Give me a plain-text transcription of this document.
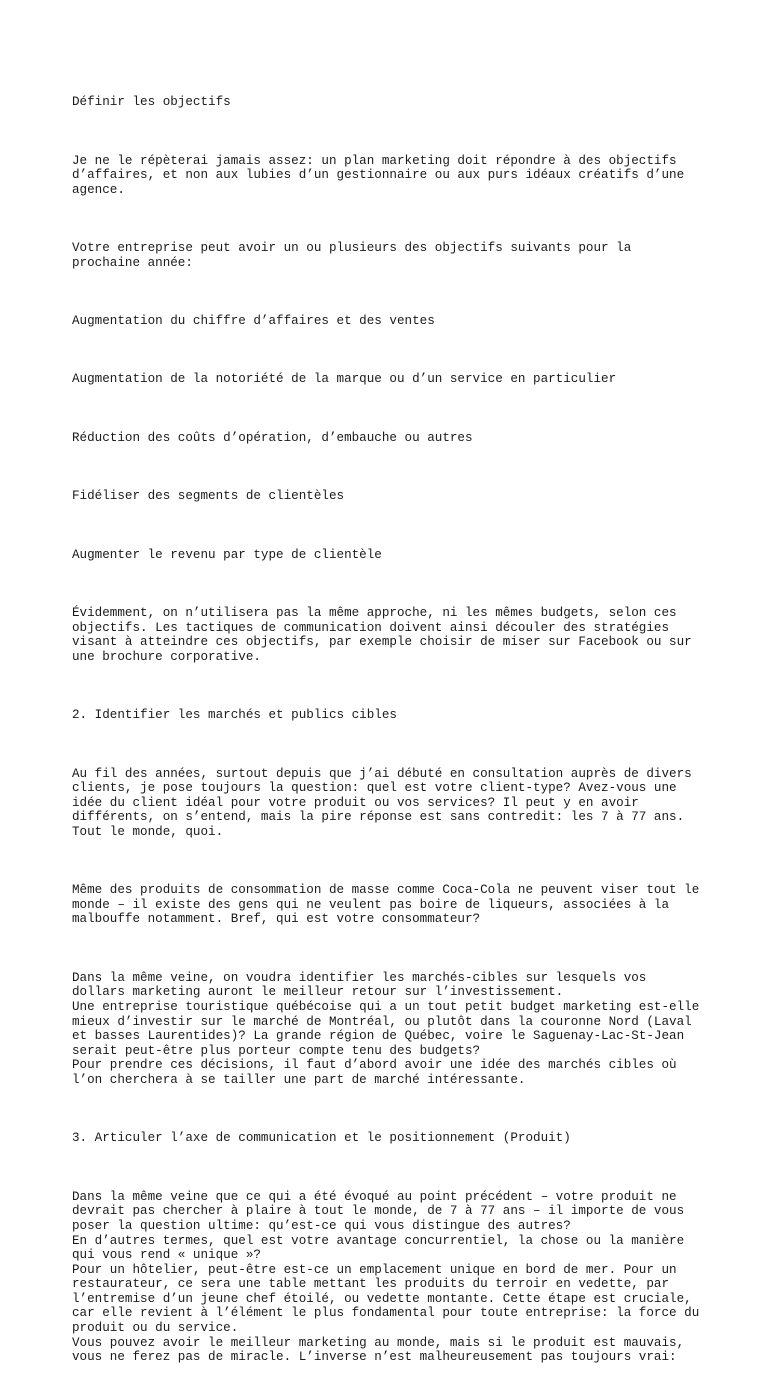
Définir les objectifs

Je ne le répèterai jamais assez: un plan marketing doit répondre à des objectifs
d’affaires, et non aux lubies d’un gestionnaire ou aux purs idéaux créatifs d’une
agence.

Votre entreprise peut avoir un ou plusieurs des objectifs suivants pour la
prochaine année:

Augmentation du chiffre d’affaires et des ventes

Augmentation de la notoriété de la marque ou d’un service en particulier

Réduction des coûts d’opération, d’embauche ou autres

Fidéliser des segments de clientèles

Augmenter le revenu par type de clientèle

Évidemment, on n’utilisera pas la même approche, ni les mêmes budgets, selon ces
objectifs. Les tactiques de communication doivent ainsi découler des stratégies
visant à atteindre ces objectifs, par exemple choisir de miser sur Facebook ou sur
une brochure corporative.

2. Identifier les marchés et publics cibles

Au fil des années, surtout depuis que j’ai débuté en consultation auprès de divers
clients, je pose toujours la question: quel est votre client-type? Avez-vous une
idée du client idéal pour votre produit ou vos services? Il peut y en avoir
différents, on s’entend, mais la pire réponse est sans contredit: les 7 à 77 ans.
Tout le monde, quoi.

Même des produits de consommation de masse comme Coca-Cola ne peuvent viser tout le
monde – il existe des gens qui ne veulent pas boire de liqueurs, associées à la
malbouffe notamment. Bref, qui est votre consommateur?

Dans la même veine, on voudra identifier les marchés-cibles sur lesquels vos
dollars marketing auront le meilleur retour sur l’investissement.
Une entreprise touristique québécoise qui a un tout petit budget marketing est-elle
mieux d’investir sur le marché de Montréal, ou plutôt dans la couronne Nord (Laval
et basses Laurentides)? La grande région de Québec, voire le Saguenay-Lac-St-Jean
serait peut-être plus porteur compte tenu des budgets?
Pour prendre ces décisions, il faut d’abord avoir une idée des marchés cibles où
l’on cherchera à se tailler une part de marché intéressante.

3. Articuler l’axe de communication et le positionnement (Produit)

Dans la même veine que ce qui a été évoqué au point précédent – votre produit ne
devrait pas chercher à plaire à tout le monde, de 7 à 77 ans – il importe de vous
poser la question ultime: qu’est-ce qui vous distingue des autres?
En d’autres termes, quel est votre avantage concurrentiel, la chose ou la manière
qui vous rend « unique »?
Pour un hôtelier, peut-être est-ce un emplacement unique en bord de mer. Pour un
restaurateur, ce sera une table mettant les produits du terroir en vedette, par
l’entremise d’un jeune chef étoilé, ou vedette montante. Cette étape est cruciale,
car elle revient à l’élément le plus fondamental pour toute entreprise: la force du
produit ou du service.
Vous pouvez avoir le meilleur marketing au monde, mais si le produit est mauvais,
vous ne ferez pas de miracle. L’inverse n’est malheureusement pas toujours vrai:
